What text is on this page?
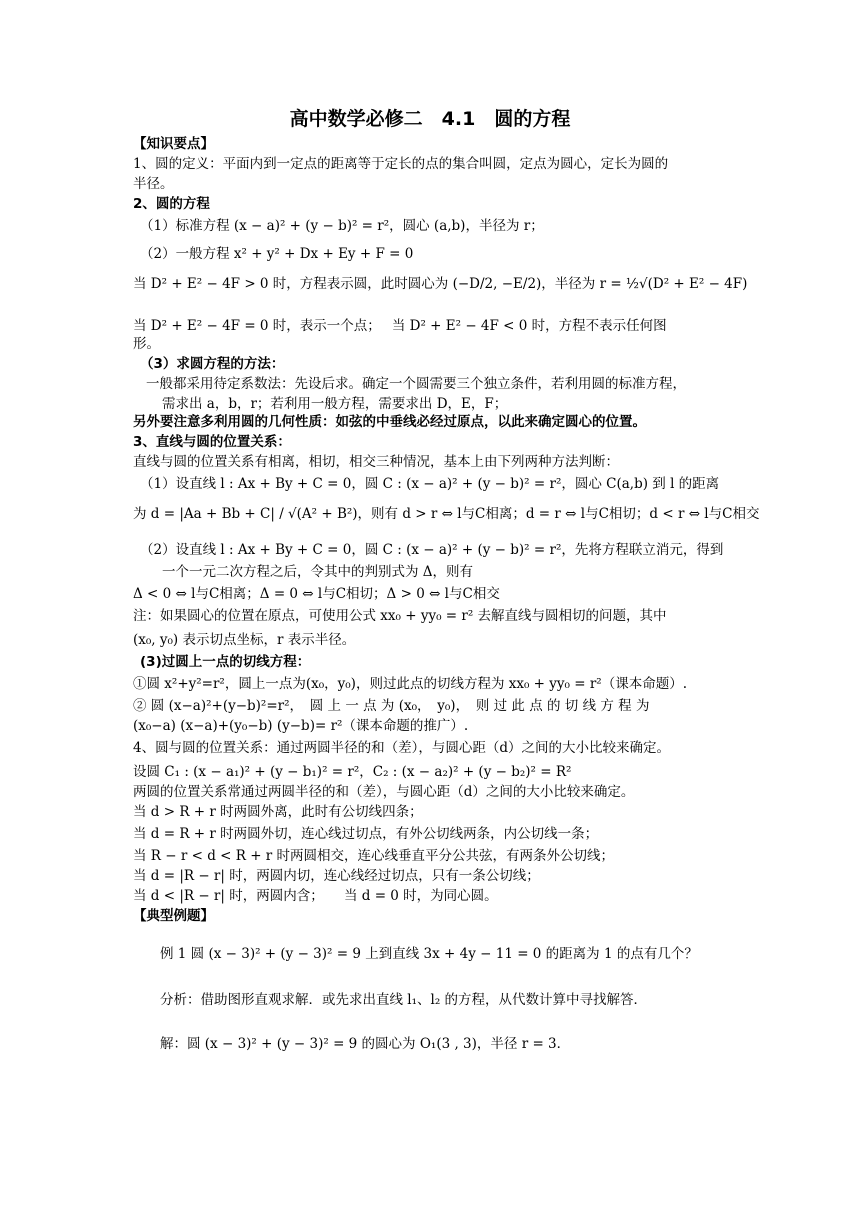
高中数学必修二　4.1　圆的方程
【知识要点】
1、圆的定义：平面内到一定点的距离等于定长的点的集合叫圆，定点为圆心，定长为圆的
半径。
2、圆的方程
（1）标准方程 (x − a)² + (y − b)² = r²，圆心 (a,b)，半径为 r；
（2）一般方程 x² + y² + Dx + Ey + F = 0
当 D² + E² − 4F > 0 时，方程表示圆，此时圆心为 (−D/2, −E/2)，半径为 r = ½√(D² + E² − 4F)
当 D² + E² − 4F = 0 时，表示一个点；　 当 D² + E² − 4F < 0 时，方程不表示任何图
形。
（3）求圆方程的方法：
一般都采用待定系数法：先设后求。确定一个圆需要三个独立条件，若利用圆的标准方程，
需求出 a，b，r；若利用一般方程，需要求出 D，E，F；
另外要注意多利用圆的几何性质：如弦的中垂线必经过原点，以此来确定圆心的位置。
3、直线与圆的位置关系：
直线与圆的位置关系有相离，相切，相交三种情况，基本上由下列两种方法判断：
（1）设直线 l : Ax + By + C = 0，圆 C : (x − a)² + (y − b)² = r²，圆心 C(a,b) 到 l 的距离
为 d = |Aa + Bb + C| / √(A² + B²)，则有 d > r ⇔ l与C相离；d = r ⇔ l与C相切；d < r ⇔ l与C相交
（2）设直线 l : Ax + By + C = 0，圆 C : (x − a)² + (y − b)² = r²，先将方程联立消元，得到
一个一元二次方程之后，令其中的判别式为 Δ，则有
Δ < 0 ⇔ l与C相离；Δ = 0 ⇔ l与C相切；Δ > 0 ⇔ l与C相交
注：如果圆心的位置在原点，可使用公式 xx₀ + yy₀ = r² 去解直线与圆相切的问题，其中
(x₀, y₀) 表示切点坐标，r 表示半径。
(3)过圆上一点的切线方程：
①圆 x²+y²=r²，圆上一点为(x₀，y₀)，则过此点的切线方程为 xx₀ + yy₀ = r²（课本命题）.
② 圆 (x−a)²+(y−b)²=r²，　圆 上 一 点 为 (x₀，　y₀)，　则 过 此 点 的 切 线 方 程 为
(x₀−a) (x−a)+(y₀−b) (y−b)= r²（课本命题的推广）.
4、圆与圆的位置关系：通过两圆半径的和（差），与圆心距（d）之间的大小比较来确定。
设圆 C₁ : (x − a₁)² + (y − b₁)² = r²，C₂ : (x − a₂)² + (y − b₂)² = R²
两圆的位置关系常通过两圆半径的和（差），与圆心距（d）之间的大小比较来确定。
当 d > R + r 时两圆外离，此时有公切线四条；
当 d = R + r 时两圆外切，连心线过切点，有外公切线两条，内公切线一条；
当 R − r < d < R + r 时两圆相交，连心线垂直平分公共弦，有两条外公切线；
当 d = |R − r| 时，两圆内切，连心线经过切点，只有一条公切线；
当 d < |R − r| 时，两圆内含；　　当 d = 0 时，为同心圆。
【典型例题】
例 1 圆 (x − 3)² + (y − 3)² = 9 上到直线 3x + 4y − 11 = 0 的距离为 1 的点有几个？
分析：借助图形直观求解．或先求出直线 l₁、l₂ 的方程，从代数计算中寻找解答．
解：圆 (x − 3)² + (y − 3)² = 9 的圆心为 O₁(3 , 3)，半径 r = 3．
